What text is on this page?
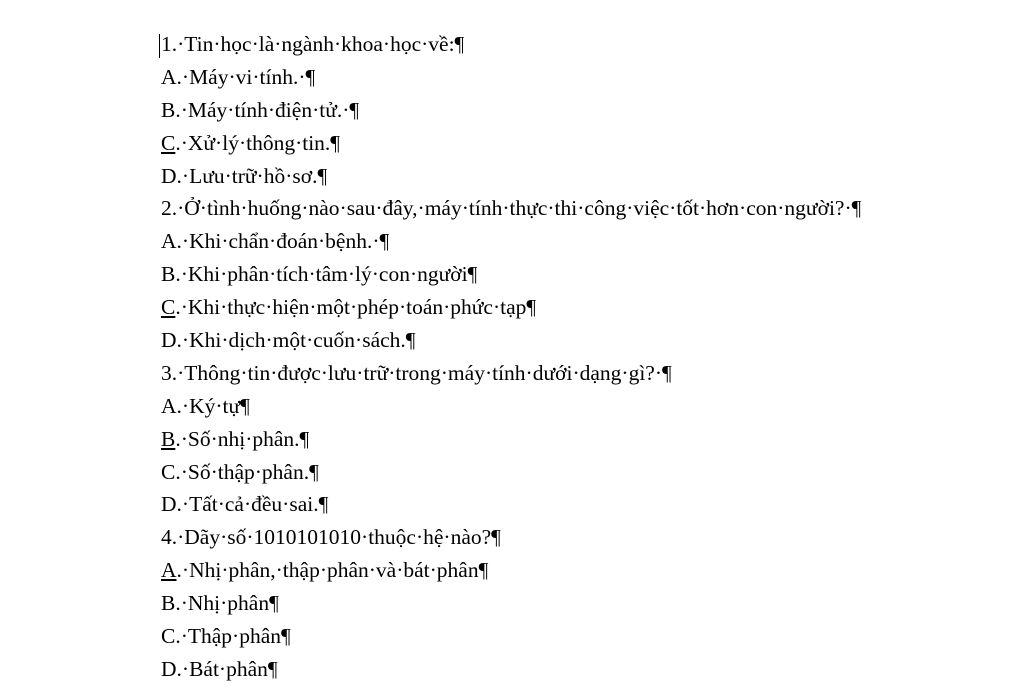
1.·Tin·học·là·ngành·khoa·học·về:¶
A.·Máy·vi·tính.·¶
B.·Máy·tính·điện·tử.·¶
C.·Xử·lý·thông·tin.¶
D.·Lưu·trữ·hồ·sơ.¶
2.·Ở·tình·huống·nào·sau·đây,·máy·tính·thực·thi·công·việc·tốt·hơn·con·người?·¶
A.·Khi·chẩn·đoán·bệnh.·¶
B.·Khi·phân·tích·tâm·lý·con·người¶
C.·Khi·thực·hiện·một·phép·toán·phức·tạp¶
D.·Khi·dịch·một·cuốn·sách.¶
3.·Thông·tin·được·lưu·trữ·trong·máy·tính·dưới·dạng·gì?·¶
A.·Ký·tự¶
B.·Số·nhị·phân.¶
C.·Số·thập·phân.¶
D.·Tất·cả·đều·sai.¶
4.·Dãy·số·1010101010·thuộc·hệ·nào?¶
A.·Nhị·phân,·thập·phân·và·bát·phân¶
B.·Nhị·phân¶
C.·Thập·phân¶
D.·Bát·phân¶
